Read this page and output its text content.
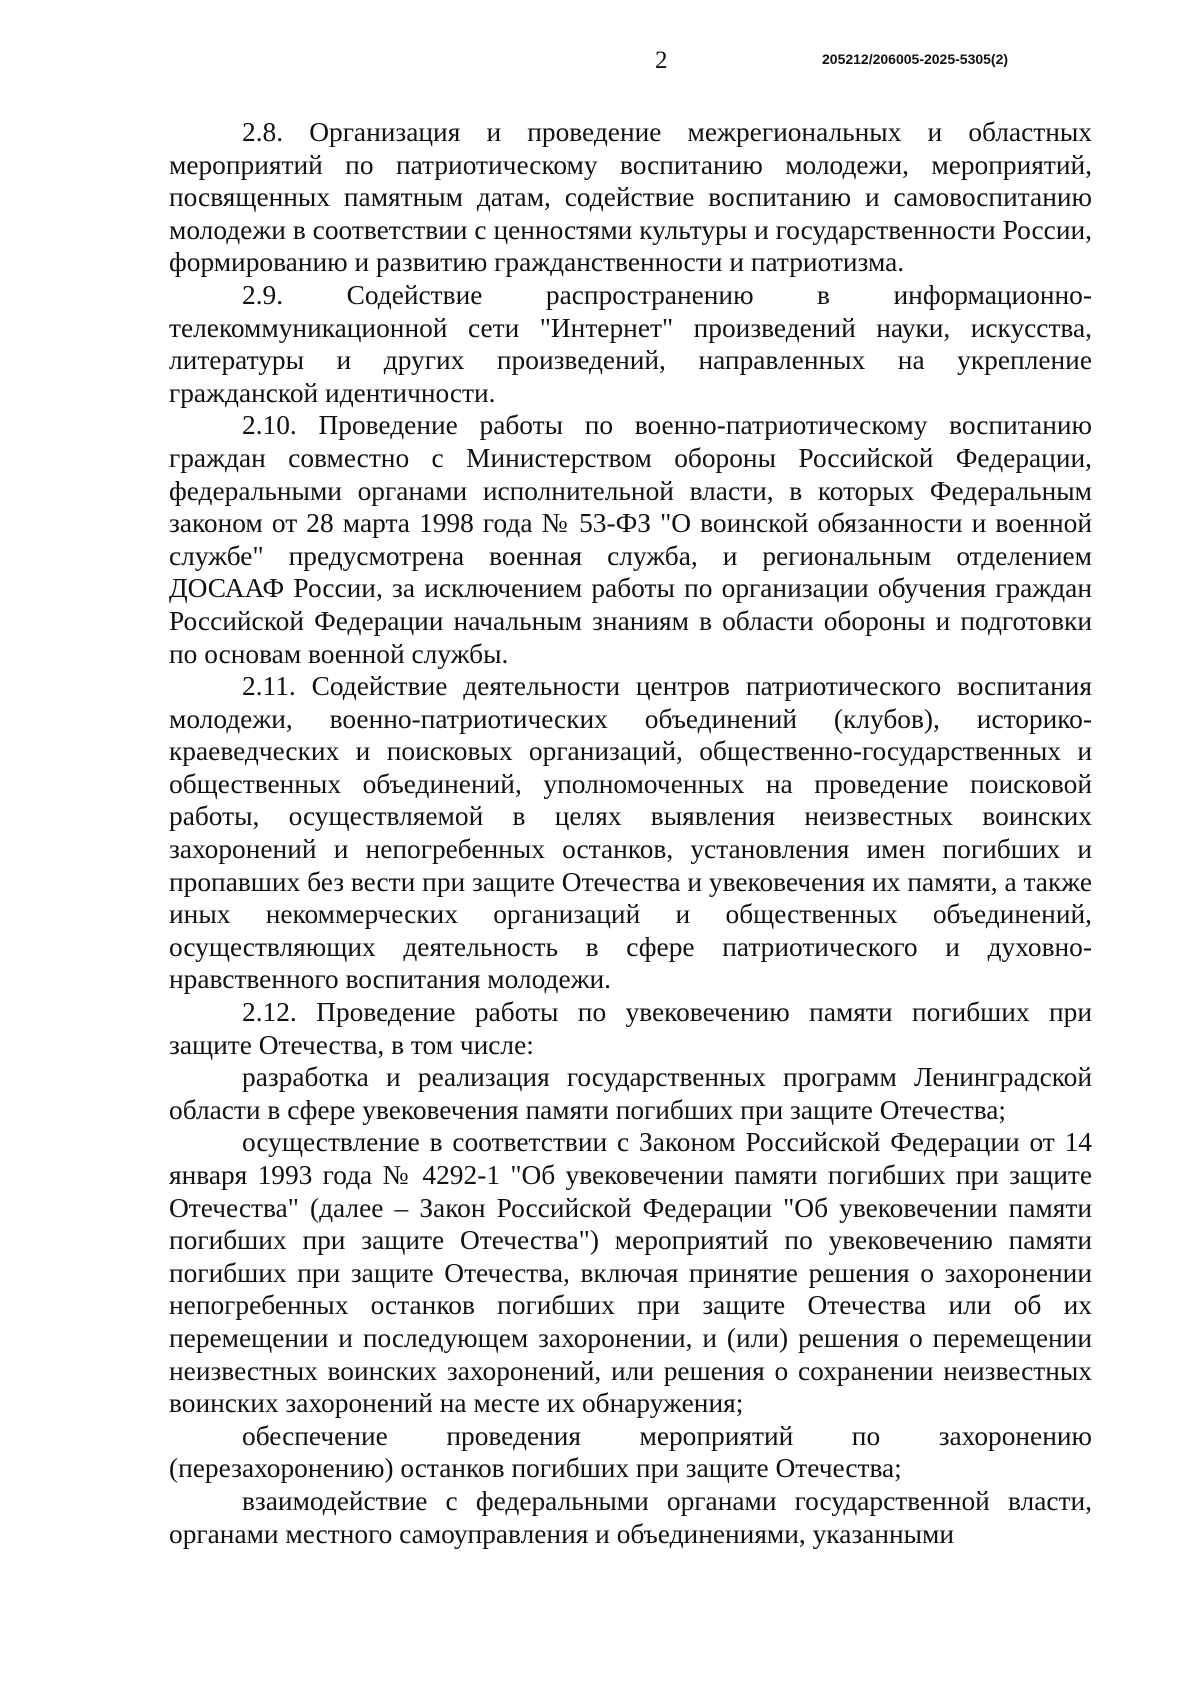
2	205212/206005-2025-5305(2)

2.8. Организация и проведение межрегиональных и областных мероприятий по патриотическому воспитанию молодежи, мероприятий, посвященных памятным датам, содействие воспитанию и самовоспитанию молодежи в соответствии с ценностями культуры и государственности России, формированию и развитию гражданственности и патриотизма.

2.9. Содействие распространению в информационно-телекоммуникационной сети "Интернет" произведений науки, искусства, литературы и других произведений, направленных на укрепление гражданской идентичности.

2.10. Проведение работы по военно-патриотическому воспитанию граждан совместно с Министерством обороны Российской Федерации, федеральными органами исполнительной власти, в которых Федеральным законом от 28 марта 1998 года № 53-ФЗ "О воинской обязанности и военной службе" предусмотрена военная служба, и региональным отделением ДОСААФ России, за исключением работы по организации обучения граждан Российской Федерации начальным знаниям в области обороны и подготовки по основам военной службы.

2.11. Содействие деятельности центров патриотического воспитания молодежи, военно-патриотических объединений (клубов), историко-краеведческих и поисковых организаций, общественно-государственных и общественных объединений, уполномоченных на проведение поисковой работы, осуществляемой в целях выявления неизвестных воинских захоронений и непогребенных останков, установления имен погибших и пропавших без вести при защите Отечества и увековечения их памяти, а также иных некоммерческих организаций и общественных объединений, осуществляющих деятельность в сфере патриотического и духовно-нравственного воспитания молодежи.

2.12. Проведение работы по увековечению памяти погибших при защите Отечества, в том числе:

разработка и реализация государственных программ Ленинградской области в сфере увековечения памяти погибших при защите Отечества;

осуществление в соответствии с Законом Российской Федерации от 14 января 1993 года № 4292-1 "Об увековечении памяти погибших при защите Отечества" (далее – Закон Российской Федерации "Об увековечении памяти погибших при защите Отечества") мероприятий по увековечению памяти погибших при защите Отечества, включая принятие решения о захоронении непогребенных останков погибших при защите Отечества или об их перемещении и последующем захоронении, и (или) решения о перемещении неизвестных воинских захоронений, или решения о сохранении неизвестных воинских захоронений на месте их обнаружения;

обеспечение проведения мероприятий по захоронению (перезахоронению) останков погибших при защите Отечества;

взаимодействие с федеральными органами государственной власти, органами местного самоуправления и объединениями, указанными
